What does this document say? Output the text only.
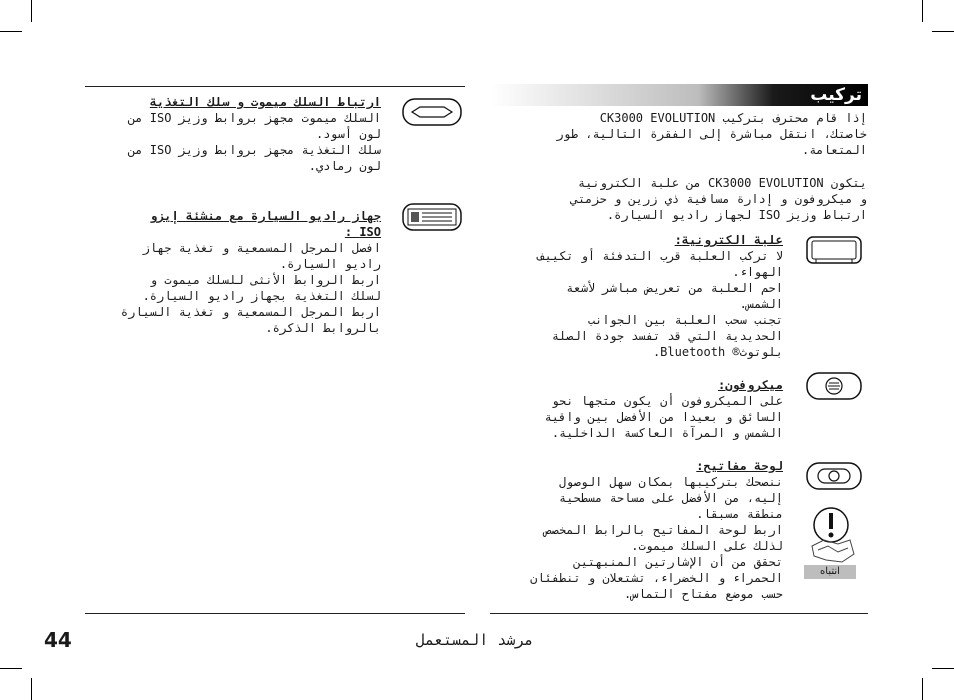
تركيب
إذا قام محترف بتركيب CK3000 EVOLUTION
خاصتك، انتقل مباشرة إلى الفقرة التالية، طور
المتعامة.
يتكون CK3000 EVOLUTION من علبة الكترونية
و ميكروفون و إدارة مسافية ذي زرين و حزمتي
ارتباط وزيز ISO لجهاز راديو السيارة.
علبة الكترونية:
لا تركب العلبة قرب التدفئة أو تكييف
الهواء.
احم العلبة من تعريض مباشر لأشعة
الشمس.
تجنب سحب العلبة بين الجوانب
الحديدية التي قد تفسد جودة الصلة
بلوتوث® Bluetooth.
ميكروفون:
على الميكروفون أن يكون متجها نحو
السائق و بعيدا من الأفضل بين واقية
الشمس و المرآة العاكسة الداخلية.
لوحة مفاتيح:
ننصحك بتركيبها بمكان سهل الوصول
إليه، من الأفضل على مساحة مسطحية
منطقة مسبقا.
اربط لوحة المفاتيح بالرابط المخصص
لذلك على السلك ميموت.
تحقق من أن الإشارتين المنبهتين
الحمراء و الخضراء، تشتعلان و تنطفئان
حسب موضع مفتاح التماس.
انتباه
ارتباط السلك ميموت و سلك التغذية
السلك ميموت مجهز بروابط وزيز ISO من
لون أسود.
سلك التغذية مجهز بروابط وزيز ISO من
لون رمادي.
جهاز راديو السيارة مع منشئة إيزو
ISO :
افصل المرجل المسمعية و تغذية جهاز
راديو السيارة.
اربط الروابط الأنثى للسلك ميموت و
لسلك التغذية بجهاز راديو السيارة.
اربط المرجل المسمعية و تغذية السيارة
بالروابط الذكرة.
44	مرشد المستعمل
